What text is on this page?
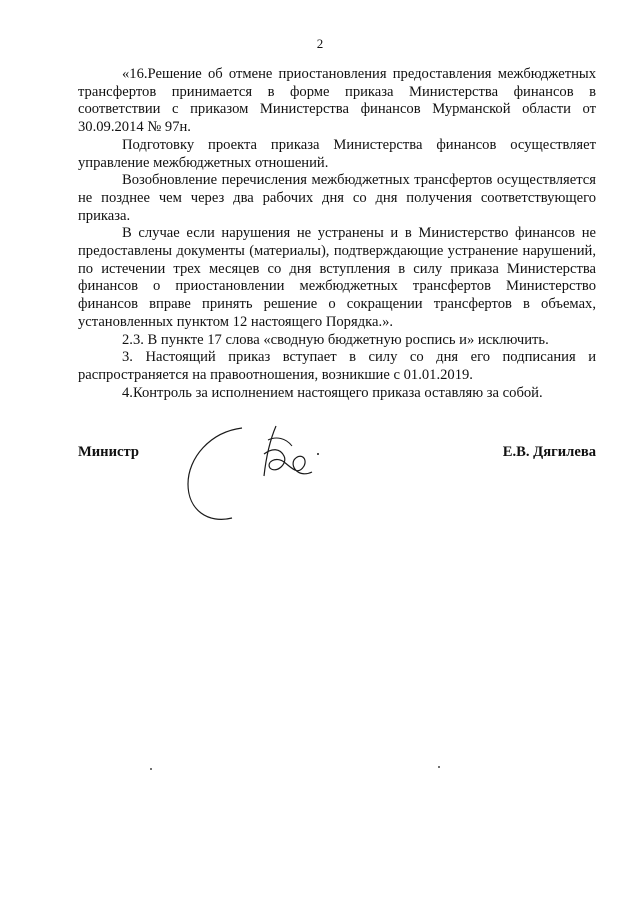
2

«16.Решение об отмене приостановления предоставления межбюджетных трансфертов принимается в форме приказа Министерства финансов в соответствии с приказом Министерства финансов Мурманской области от 30.09.2014 № 97н.

Подготовку проекта приказа Министерства финансов осуществляет управление межбюджетных отношений.

Возобновление перечисления межбюджетных трансфертов осуществляется не позднее чем через два рабочих дня со дня получения соответствующего приказа.

В случае если нарушения не устранены и в Министерство финансов не предоставлены документы (материалы), подтверждающие устранение нарушений, по истечении трех месяцев со дня вступления в силу приказа Министерства финансов о приостановлении межбюджетных трансфертов Министерство финансов вправе принять решение о сокращении трансфертов в объемах, установленных пунктом 12 настоящего Порядка.».

2.3. В пункте 17 слова «сводную бюджетную роспись и» исключить.

3. Настоящий приказ вступает в силу со дня его подписания и распространяется на правоотношения, возникшие с 01.01.2019.

4.Контроль за исполнением настоящего приказа оставляю за собой.

Министр	Е.В. Дягилева
